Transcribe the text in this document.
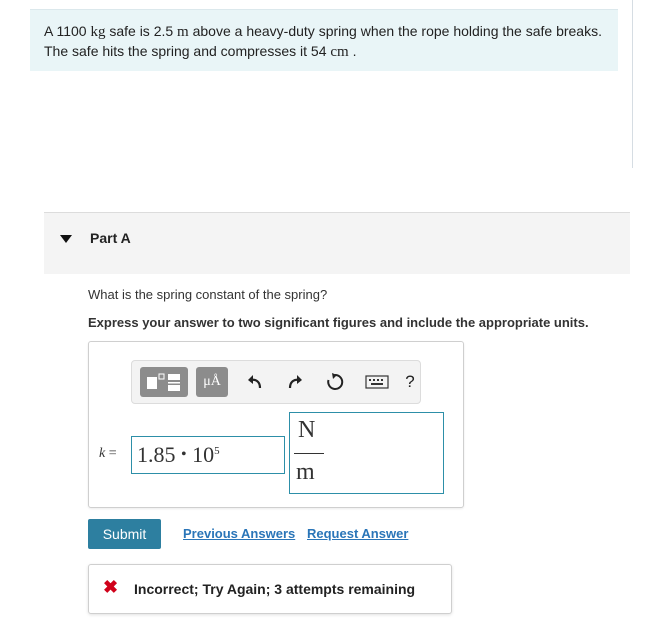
A 1100 kg safe is 2.5 m above a heavy-duty spring when the rope holding the safe breaks. The safe hits the spring and compresses it 54 cm .

Part A
What is the spring constant of the spring?
Express your answer to two significant figures and include the appropriate units.
μÅ	?
k = 1.85
•
$10^5$
N
m
Submit	Previous Answers Request Answer
✖ Incorrect; Try Again; 3 attempts remaining
